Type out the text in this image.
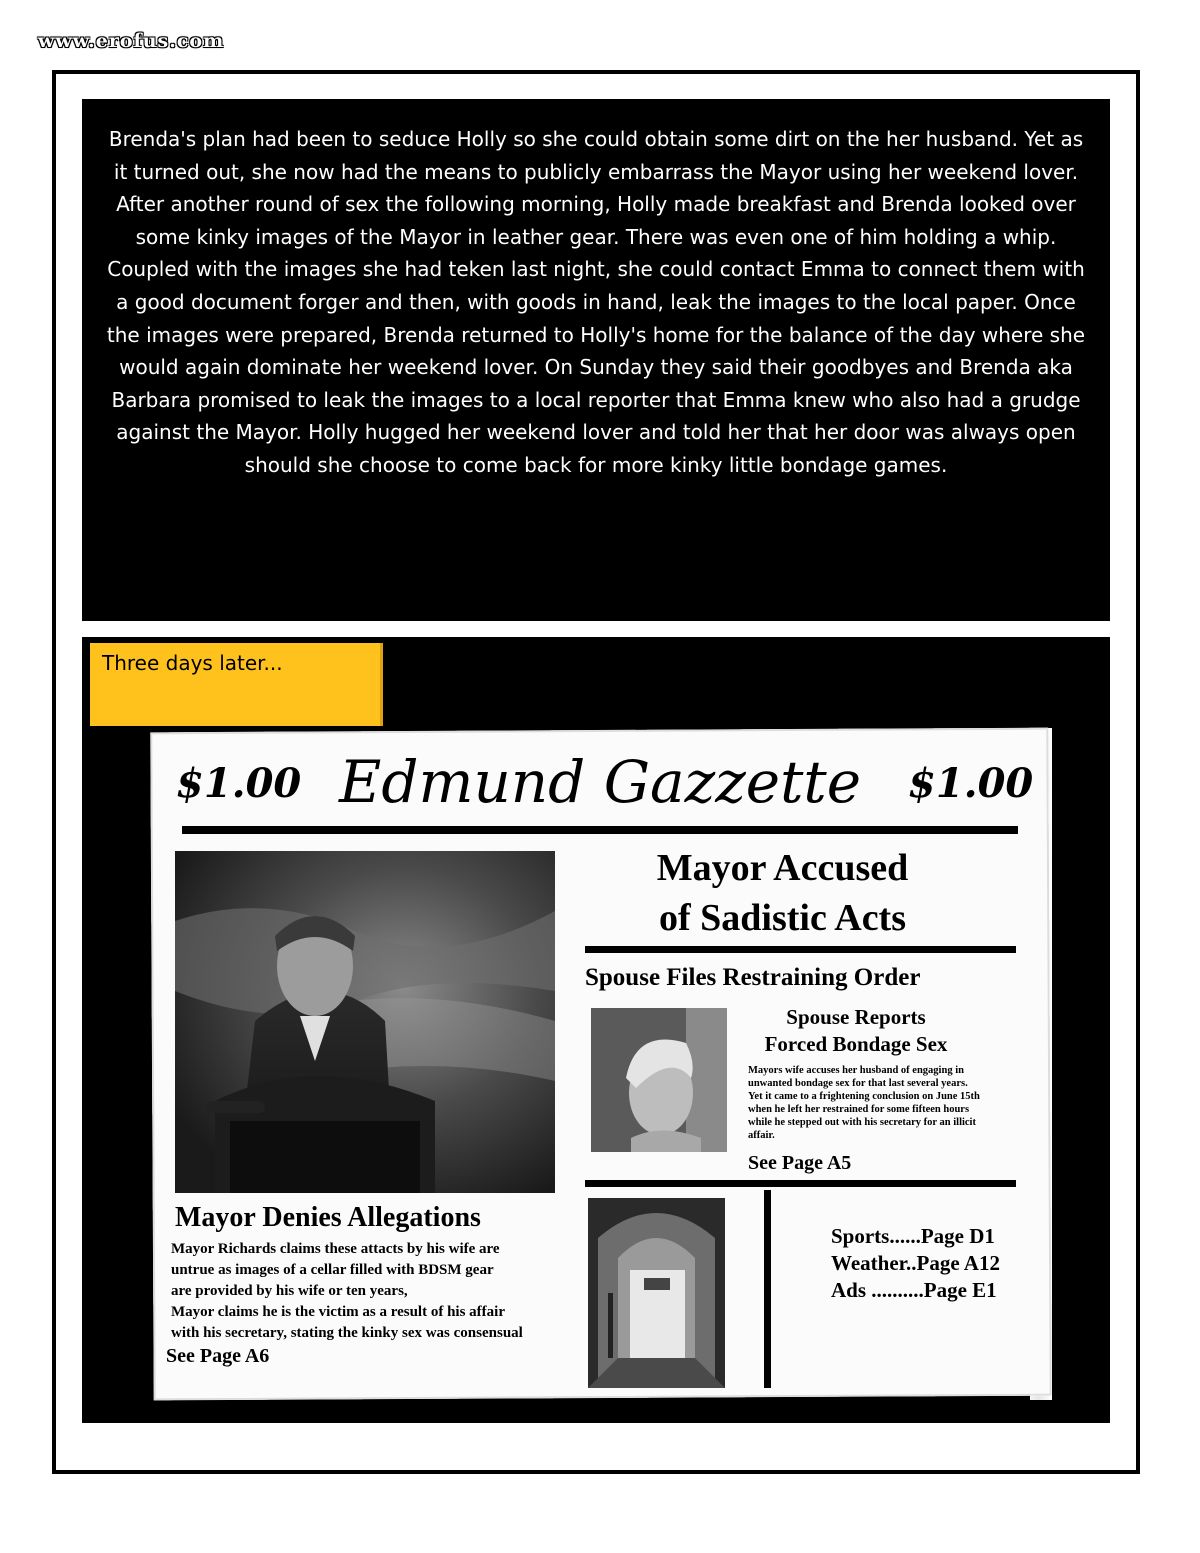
www.erofus.com
Brenda's plan had been to seduce Holly so she could obtain some dirt on the her husband. Yet as it turned out, she now had the means to publicly embarrass the Mayor using her weekend lover. After another round of sex the following morning, Holly made breakfast and Brenda looked over some kinky images of the Mayor in leather gear. There was even one of him holding a whip. Coupled with the images she had teken last night, she could contact Emma to connect them with a good document forger and then, with goods in hand, leak the images to the local paper. Once the images were prepared, Brenda returned to Holly's home for the balance of the day where she would again dominate her weekend lover. On Sunday they said their goodbyes and Brenda aka Barbara promised to leak the images to a local reporter that Emma knew who also had a grudge against the Mayor. Holly hugged her weekend lover and told her that her door was always open should she choose to come back for more kinky little bondage games.
Three days later...
$1.00	$1.00
Edmund Gazzette
Mayor Accused
of Sadistic Acts
Spouse Files Restraining Order
Spouse Reports
Forced Bondage Sex
Mayors wife accuses her husband of engaging in unwanted bondage sex for that last several years. Yet it came to a frightening conclusion on June 15th when he left her restrained for some fifteen hours while he stepped out with his secretary for an illicit affair.
See Page A5
Mayor Denies Allegations
Mayor Richards claims these attacts by his wife are
untrue as images of a cellar filled with BDSM gear
are provided by his wife or ten years,
Mayor claims he is the victim as a result of his affair
with his secretary, stating the kinky sex was consensual
See Page A6
Sports......Page D1
Weather..Page A12
Ads ..........Page E1
